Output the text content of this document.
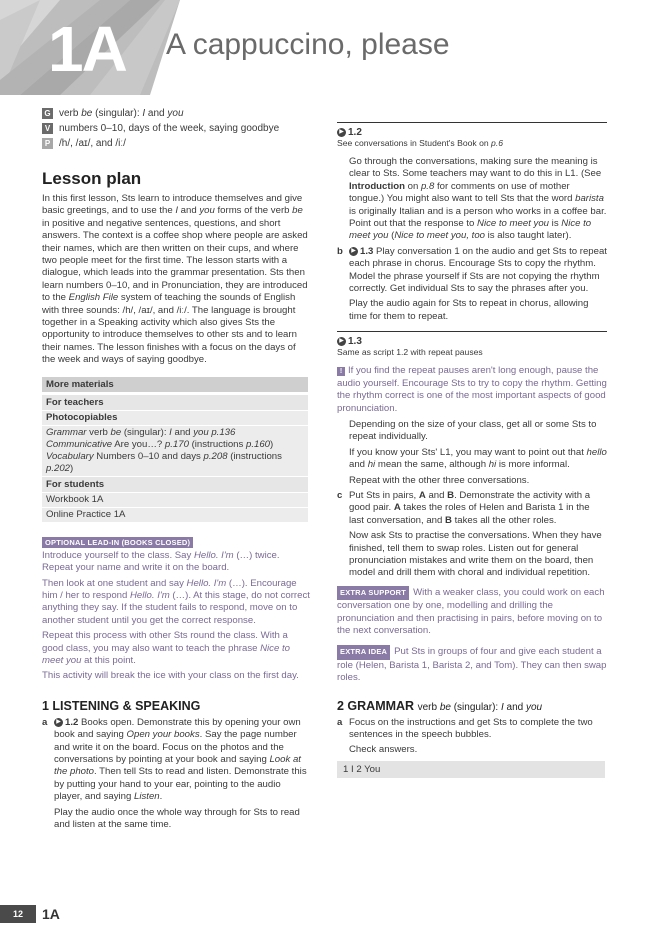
1A A cappuccino, please
G verb be (singular): I and you
V numbers 0–10, days of the week, saying goodbye
P /h/, /aɪ/, and /iː/
Lesson plan

In this first lesson, Sts learn to introduce themselves and give basic greetings, and to use the I and you forms of the verb be in positive and negative sentences, questions, and short answers. The context is a coffee shop where people are asked their names, which are then written on their cups, and where two people meet for the first time. The lesson starts with a dialogue, which leads into the grammar presentation. Sts then learn numbers 0–10, and in Pronunciation, they are introduced to the English File system of teaching the sounds of English with three sounds: /h/, /aɪ/, and /iː/. The language is brought together in a Speaking activity which also gives Sts the opportunity to introduce themselves to other sts and to learn their names. The lesson finishes with a focus on the days of the week and ways of saying goodbye.

More materials
For teachers
Photocopiables
Grammar verb be (singular): I and you p.136
Communicative Are you…? p.170 (instructions p.160)
Vocabulary Numbers 0–10 and days p.208 (instructions p.202)
For students
Workbook 1A
Online Practice 1A
OPTIONAL LEAD-IN (BOOKS CLOSED)

Introduce yourself to the class. Say Hello. I'm (…) twice. Repeat your name and write it on the board.

Then look at one student and say Hello. I'm (…). Encourage him / her to respond Hello. I'm (…). At this stage, do not correct anything they say. If the student fails to respond, move on to another student until you get the correct response.

Repeat this process with other Sts round the class. With a good class, you may also want to teach the phrase Nice to meet you at this point.

This activity will break the ice with your class on the first day.

1 LISTENING & SPEAKING
a	▶ 1.2 Books open. Demonstrate this by opening your own book and saying Open your books. Say the page number and write it on the board. Focus on the photos and the conversations by pointing at your book and saying Look at the photo. Then tell Sts to read and listen. Demonstrate this by putting your hand to your ear, pointing to the audio player, and saying Listen.

Play the audio once the whole way through for Sts to read and listen at the same time.

▶ 1.2
See conversations in Student's Book on p.6

Go through the conversations, making sure the meaning is clear to Sts. Some teachers may want to do this in L1. (See Introduction on p.8 for comments on use of mother tongue.) You might also want to tell Sts that the word barista is originally Italian and is a person who works in a coffee bar. Point out that the response to Nice to meet you is Nice to meet you (Nice to meet you, too is also taught later).

b	▶ 1.3 Play conversation 1 on the audio and get Sts to repeat each phrase in chorus. Encourage Sts to copy the rhythm. Model the phrase yourself if Sts are not copying the rhythm correctly. Get individual Sts to say the phrases after you.

Play the audio again for Sts to repeat in chorus, allowing time for them to repeat.

▶ 1.3
Same as script 1.2 with repeat pauses

! If you find the repeat pauses aren't long enough, pause the audio yourself. Encourage Sts to try to copy the rhythm. Getting the rhythm correct is one of the most important aspects of good pronunciation.

Depending on the size of your class, get all or some Sts to repeat individually.

If you know your Sts' L1, you may want to point out that hello and hi mean the same, although hi is more informal.

Repeat with the other three conversations.

c Put Sts in pairs, A and B. Demonstrate the activity with a good pair. A takes the roles of Helen and Barista 1 in the last conversation, and B takes all the other roles.

Now ask Sts to practise the conversations. When they have finished, tell them to swap roles. Listen out for general pronunciation mistakes and write them on the board, then model and drill them with choral and individual repetition.

EXTRA SUPPORT With a weaker class, you could work on each conversation one by one, modelling and drilling the pronunciation and then practising in pairs, before moving on to the next conversation.

EXTRA IDEA Put Sts in groups of four and give each student a role (Helen, Barista 1, Barista 2, and Tom). They can then swap roles.

2 GRAMMAR verb be (singular): I and you
a Focus on the instructions and get Sts to complete the two sentences in the speech bubbles.

Check answers.

1 I 2 You
12	1A
